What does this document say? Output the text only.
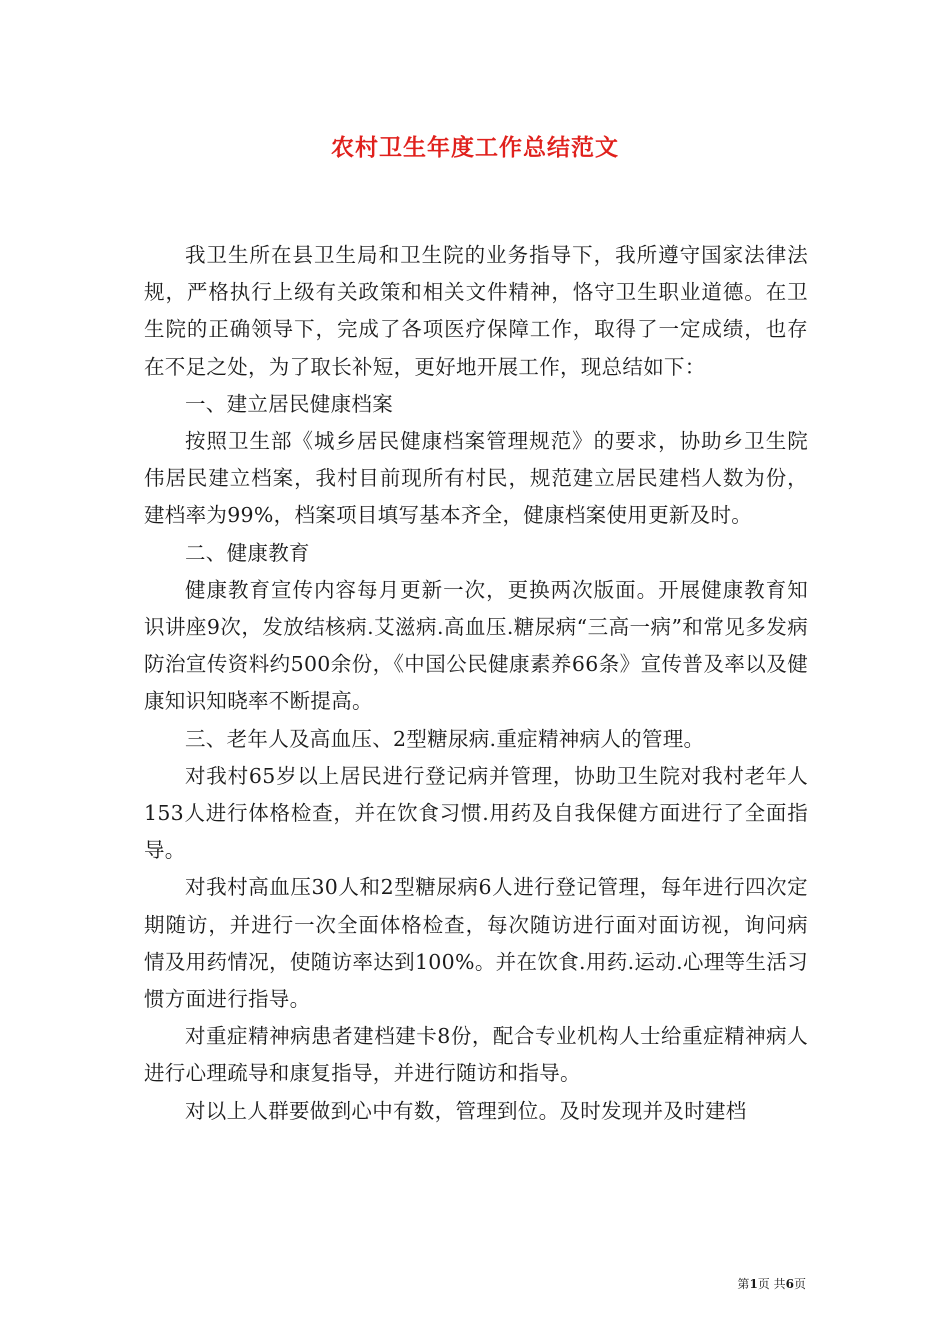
农村卫生年度工作总结范文

我卫生所在县卫生局和卫生院的业务指导下，我所遵守国家法律法规，严格执行上级有关政策和相关文件精神，恪守卫生职业道德。在卫生院的正确领导下，完成了各项医疗保障工作，取得了一定成绩，也存在不足之处，为了取长补短，更好地开展工作，现总结如下：

一、建立居民健康档案

按照卫生部《城乡居民健康档案管理规范》的要求，协助乡卫生院伟居民建立档案，我村目前现所有村民，规范建立居民建档人数为份，建档率为99%，档案项目填写基本齐全，健康档案使用更新及时。

二、健康教育

健康教育宣传内容每月更新一次，更换两次版面。开展健康教育知识讲座9次，发放结核病.艾滋病.高血压.糖尿病“三高一病”和常见多发病防治宣传资料约500余份，《中国公民健康素养66条》宣传普及率以及健康知识知晓率不断提高。

三、老年人及高血压、2型糖尿病.重症精神病人的管理。

对我村65岁以上居民进行登记病并管理，协助卫生院对我村老年人153人进行体格检查，并在饮食习惯.用药及自我保健方面进行了全面指导。

对我村高血压30人和2型糖尿病6人进行登记管理，每年进行四次定期随访，并进行一次全面体格检查，每次随访进行面对面访视，询问病情及用药情况，使随访率达到100%。并在饮食.用药.运动.心理等生活习惯方面进行指导。

对重症精神病患者建档建卡8份，配合专业机构人士给重症精神病人进行心理疏导和康复指导，并进行随访和指导。

对以上人群要做到心中有数，管理到位。及时发现并及时建档

第1页 共6页
